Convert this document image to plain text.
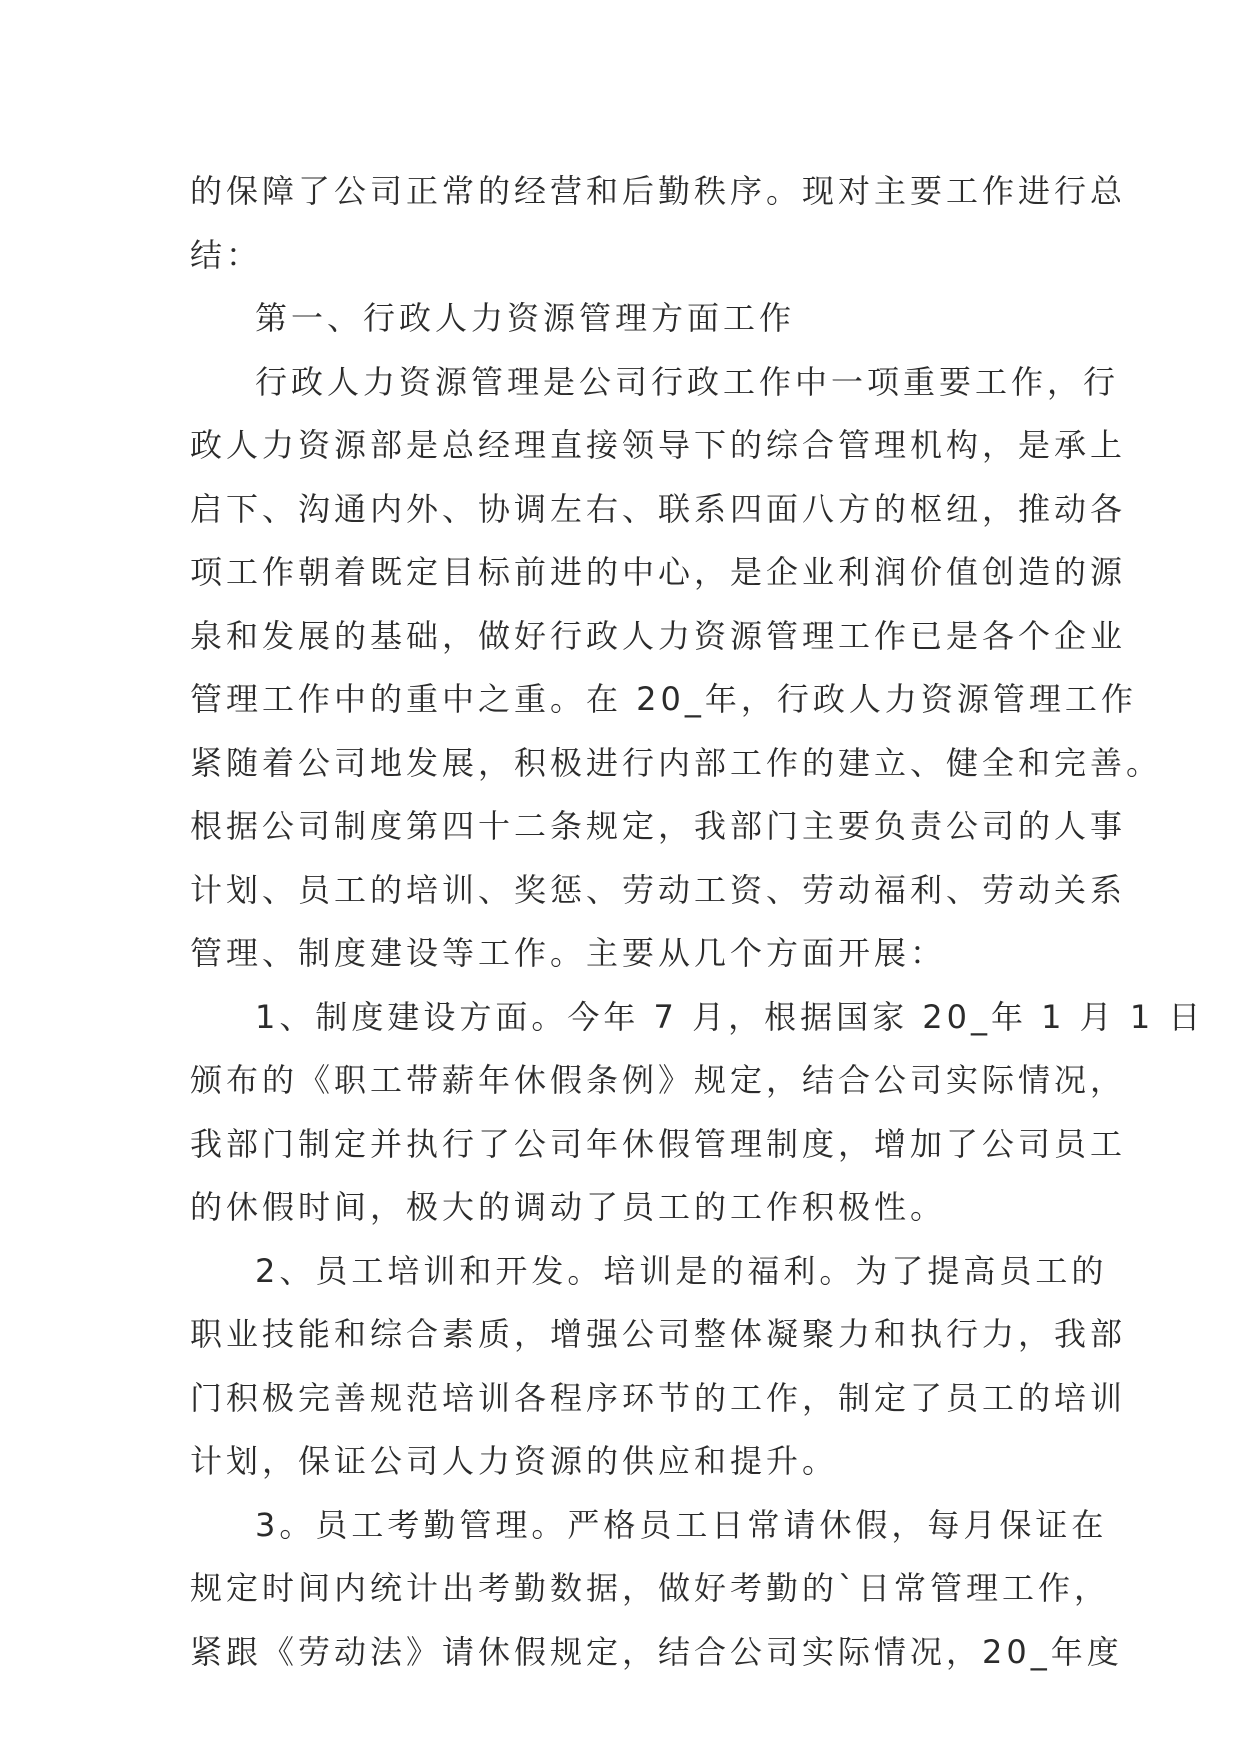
的保障了公司正常的经营和后勤秩序。现对主要工作进行总
结：
第一、行政人力资源管理方面工作
行政人力资源管理是公司行政工作中一项重要工作，行
政人力资源部是总经理直接领导下的综合管理机构，是承上
启下、沟通内外、协调左右、联系四面八方的枢纽，推动各
项工作朝着既定目标前进的中心，是企业利润价值创造的源
泉和发展的基础，做好行政人力资源管理工作已是各个企业
管理工作中的重中之重。在 20_年，行政人力资源管理工作
紧随着公司地发展，积极进行内部工作的建立、健全和完善。
根据公司制度第四十二条规定，我部门主要负责公司的人事
计划、员工的培训、奖惩、劳动工资、劳动福利、劳动关系
管理、制度建设等工作。主要从几个方面开展：
1、制度建设方面。今年 7 月，根据国家 20_年 1 月 1 日
颁布的《职工带薪年休假条例》规定，结合公司实际情况，
我部门制定并执行了公司年休假管理制度，增加了公司员工
的休假时间，极大的调动了员工的工作积极性。
2、员工培训和开发。培训是的福利。为了提高员工的
职业技能和综合素质，增强公司整体凝聚力和执行力，我部
门积极完善规范培训各程序环节的工作，制定了员工的培训
计划，保证公司人力资源的供应和提升。
3。员工考勤管理。严格员工日常请休假，每月保证在
规定时间内统计出考勤数据，做好考勤的`日常管理工作，
紧跟《劳动法》请休假规定，结合公司实际情况，20_年度
